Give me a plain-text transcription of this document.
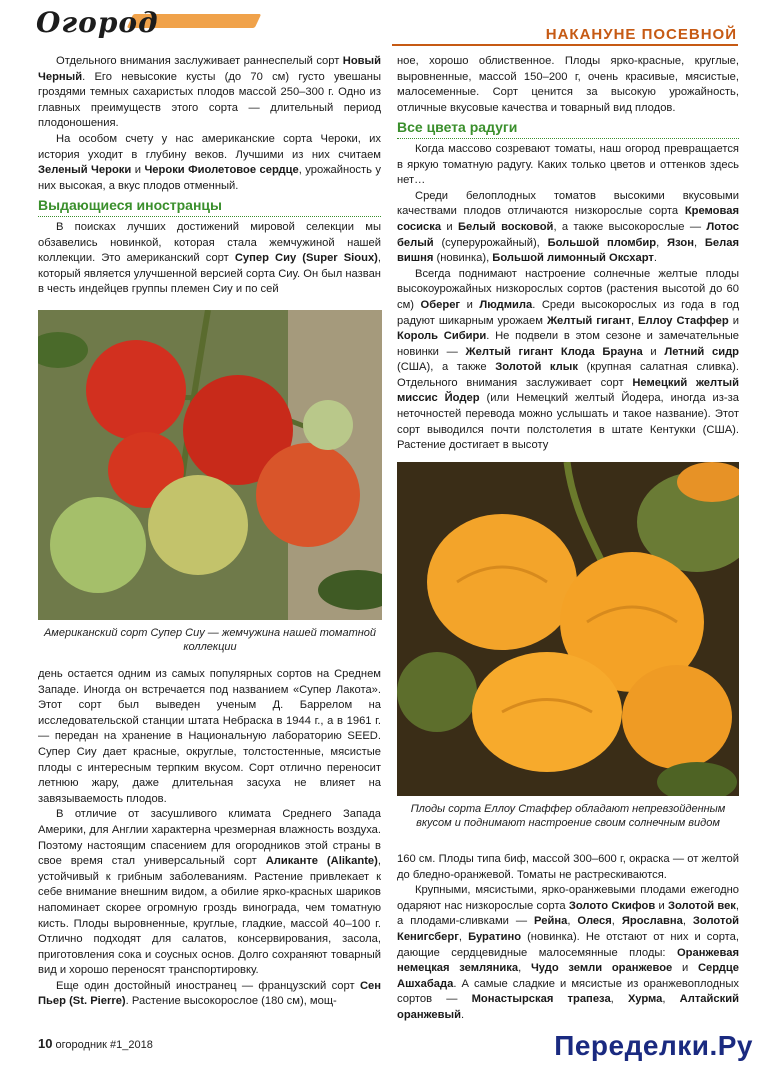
Огород	НАКАНУНЕ ПОСЕВНОЙ

Отдельного внимания заслуживает раннеспелый сорт Новый Черный. Его невысокие кусты (до 70 см) густо увешаны гроздями темных сахаристых плодов массой 250–300 г. Одно из главных преимуществ этого сорта — длительный период плодоношения.

На особом счету у нас американские сорта Чероки, их история уходит в глубину веков. Лучшими из них считаем Зеленый Чероки и Чероки Фиолетовое сердце, урожайность у них высокая, а вкус плодов отменный.

Выдающиеся иностранцы

В поисках лучших достижений мировой селекции мы обзавелись новинкой, которая стала жемчужиной нашей коллекции. Это американский сорт Супер Сиу (Super Sioux), который является улучшенной версией сорта Сиу. Он был назван в честь индейцев группы племен Сиу и по сей

Американский сорт Супер Сиу — жемчужина нашей томатной коллекции

день остается одним из самых популярных сортов на Среднем Западе. Иногда он встречается под названием «Супер Лакота». Этот сорт был выведен ученым Д. Баррелом на исследовательской станции штата Небраска в 1944 г., а в 1961 г. — передан на хранение в Национальную лабораторию SEED. Супер Сиу дает красные, округлые, толстостенные, мясистые плоды с интересным терпким вкусом. Сорт отлично переносит летнюю жару, даже длительная засуха не влияет на завязываемость плодов.

В отличие от засушливого климата Среднего Запада Америки, для Англии характерна чрезмерная влажность воздуха. Поэтому настоящим спасением для огородников этой страны в свое время стал универсальный сорт Аликанте (Alikante), устойчивый к грибным заболеваниям. Растение привлекает к себе внимание внешним видом, а обилие ярко-красных шариков напоминает скорее огромную гроздь винограда, чем томатную кисть. Плоды выровненные, круглые, гладкие, массой 40–100 г. Отлично подходят для салатов, консервирования, засола, приготовления сока и соусных основ. Долго сохраняют товарный вид и хорошо переносят транспортировку.

Еще один достойный иностранец — французский сорт Сен Пьер (St. Pierre). Растение высокорослое (180 см), мощ-

ное, хорошо облиственное. Плоды ярко-красные, круглые, выровненные, массой 150–200 г, очень красивые, мясистые, малосеменные. Сорт ценится за высокую урожайность, отличные вкусовые качества и товарный вид плодов.

Все цвета радуги

Когда массово созревают томаты, наш огород превращается в яркую томатную радугу. Каких только цветов и оттенков здесь нет…

Среди белоплодных томатов высокими вкусовыми качествами плодов отличаются низкорослые сорта Кремовая сосиска и Белый восковой, а также высокорослые — Лотос белый (суперурожайный), Большой пломбир, Язон, Белая вишня (новинка), Большой лимонный Оксхарт.

Всегда поднимают настроение солнечные желтые плоды высокоурожайных низкорослых сортов (растения высотой до 60 см) Оберег и Людмила. Среди высокорослых из года в год радуют шикарным урожаем Желтый гигант, Еллоу Стаффер и Король Сибири. Не подвели в этом сезоне и замечательные новинки — Желтый гигант Клода Брауна и Летний сидр (США), а также Золотой клык (крупная салатная сливка). Отдельного внимания заслуживает сорт Немецкий желтый миссис Йодер (или Немецкий желтый Йодера, иногда из-за неточностей перевода можно услышать и такое название). Этот сорт выводился почти полстолетия в штате Кентукки (США). Растение достигает в высоту

Плоды сорта Еллоу Стаффер обладают непревзойденным вкусом и поднимают настроение своим солнечным видом

160 см. Плоды типа биф, массой 300–600 г, окраска — от желтой до бледно-оранжевой. Томаты не растрескиваются.

Крупными, мясистыми, ярко-оранжевыми плодами ежегодно одаряют нас низкорослые сорта Золото Скифов и Золотой век, а плодами-сливками — Рейна, Олеся, Ярославна, Золотой Кенигсберг, Буратино (новинка). Не отстают от них и сорта, дающие сердцевидные малосемянные плоды: Оранжевая немецкая земляника, Чудо земли оранжевое и Сердце Ашхабада. А самые сладкие и мясистые из оранжевоплодных сортов — Монастырская трапеза, Хурма, Алтайский оранжевый.

10 огородник #1_2018	Переделки.Ру
